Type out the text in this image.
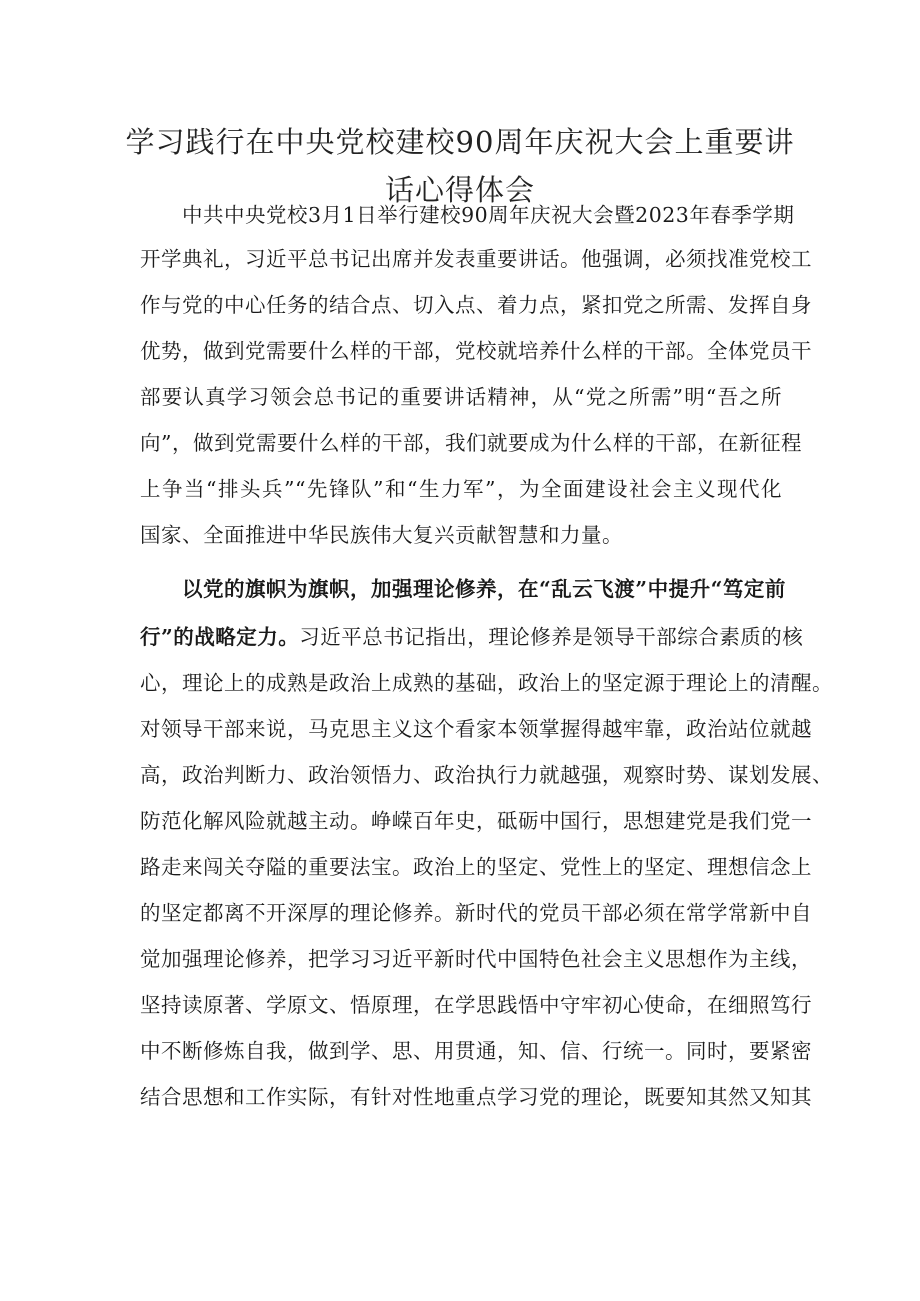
学习践行在中央党校建校90周年庆祝大会上重要讲
话心得体会
中共中央党校3月1日举行建校90周年庆祝大会暨2023年春季学期
开学典礼，习近平总书记出席并发表重要讲话。他强调，必须找准党校工
作与党的中心任务的结合点、切入点、着力点，紧扣党之所需、发挥自身
优势，做到党需要什么样的干部，党校就培养什么样的干部。全体党员干
部要认真学习领会总书记的重要讲话精神，从“党之所需”明“吾之所
向”，做到党需要什么样的干部，我们就要成为什么样的干部，在新征程
上争当“排头兵”“先锋队”和“生力军”，为全面建设社会主义现代化
国家、全面推进中华民族伟大复兴贡献智慧和力量。
以党的旗帜为旗帜，加强理论修养，在“乱云飞渡”中提升“笃定前
行”的战略定力。习近平总书记指出，理论修养是领导干部综合素质的核
心，理论上的成熟是政治上成熟的基础，政治上的坚定源于理论上的清醒。
对领导干部来说，马克思主义这个看家本领掌握得越牢靠，政治站位就越
高，政治判断力、政治领悟力、政治执行力就越强，观察时势、谋划发展、
防范化解风险就越主动。峥嵘百年史，砥砺中国行，思想建党是我们党一
路走来闯关夺隘的重要法宝。政治上的坚定、党性上的坚定、理想信念上
的坚定都离不开深厚的理论修养。新时代的党员干部必须在常学常新中自
觉加强理论修养，把学习习近平新时代中国特色社会主义思想作为主线，
坚持读原著、学原文、悟原理，在学思践悟中守牢初心使命，在细照笃行
中不断修炼自我，做到学、思、用贯通，知、信、行统一。同时，要紧密
结合思想和工作实际，有针对性地重点学习党的理论，既要知其然又知其
